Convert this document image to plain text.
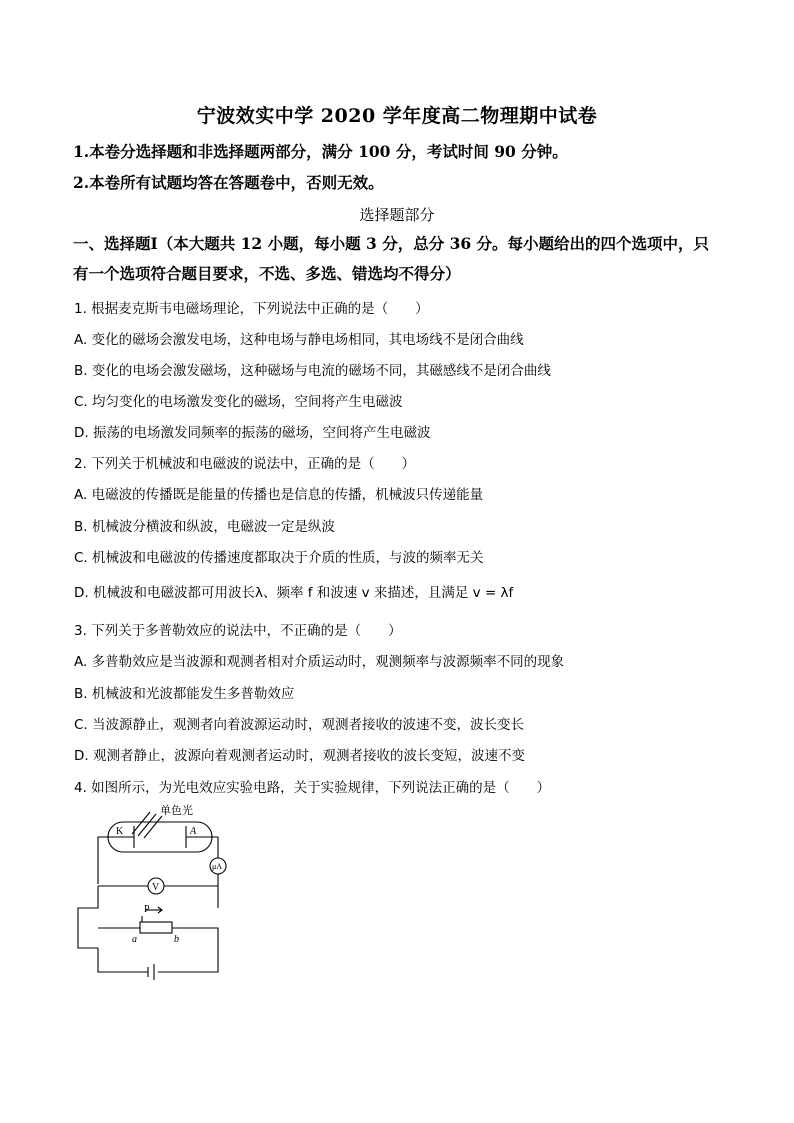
宁波效实中学 2020 学年度高二物理期中试卷
1.本卷分选择题和非选择题两部分，满分 100 分，考试时间 90 分钟。
2.本卷所有试题均答在答题卷中，否则无效。
选择题部分
一、选择题Ⅰ（本大题共 12 小题，每小题 3 分，总分 36 分。每小题给出的四个选项中，只
有一个选项符合题目要求，不选、多选、错选均不得分）
1. 根据麦克斯韦电磁场理论，下列说法中正确的是（　　）
A. 变化的磁场会激发电场，这种电场与静电场相同，其电场线不是闭合曲线
B. 变化的电场会激发磁场，这种磁场与电流的磁场不同，其磁感线不是闭合曲线
C. 均匀变化的电场激发变化的磁场，空间将产生电磁波
D. 振荡的电场激发同频率的振荡的磁场，空间将产生电磁波
2. 下列关于机械波和电磁波的说法中，正确的是（　　）
A. 电磁波的传播既是能量的传播也是信息的传播，机械波只传递能量
B. 机械波分横波和纵波，电磁波一定是纵波
C. 机械波和电磁波的传播速度都取决于介质的性质，与波的频率无关
D. 机械波和电磁波都可用波长λ、频率 f 和波速 v 来描述，且满足 v = λf
3. 下列关于多普勒效应的说法中，不正确的是（　　）
A. 多普勒效应是当波源和观测者相对介质运动时，观测频率与波源频率不同的现象
B. 机械波和光波都能发生多普勒效应
C. 当波源静止，观测者向着波源运动时，观测者接收的波速不变，波长变长
D. 观测者静止，波源向着观测者运动时，观测者接收的波长变短，波速不变
4. 如图所示，为光电效应实验电路，关于实验规律，下列说法正确的是（　　）
单色光
K	A
μA
V
P
a	b
